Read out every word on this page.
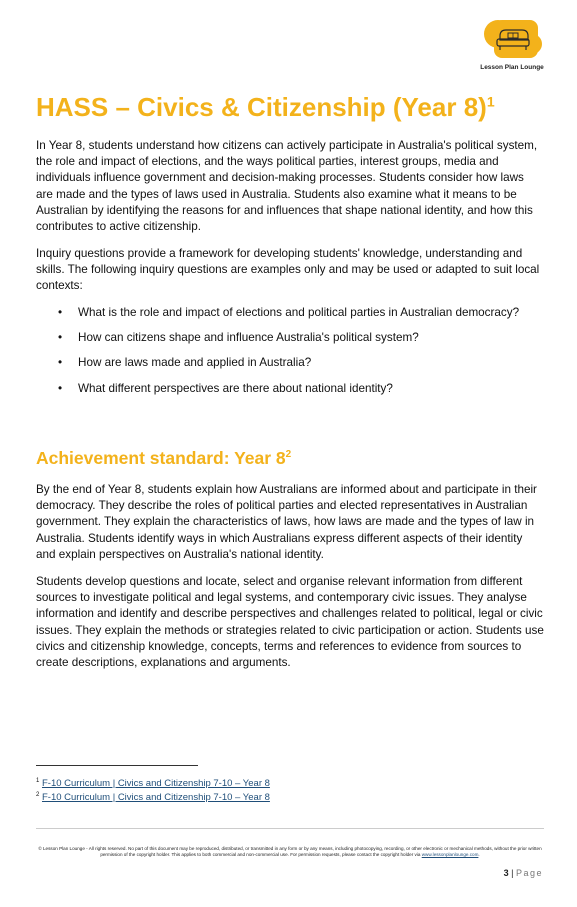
Lesson Plan Lounge
HASS – Civics & Citizenship (Year 8)$^1$

In Year 8, students understand how citizens can actively participate in Australia's political system, the role and impact of elections, and the ways political parties, interest groups, media and individuals influence government and decision-making processes. Students consider how laws are made and the types of laws used in Australia. Students also examine what it means to be Australian by identifying the reasons for and influences that shape national identity, and how this contributes to active citizenship.

Inquiry questions provide a framework for developing students' knowledge, understanding and skills. The following inquiry questions are examples only and may be used or adapted to suit local contexts:

• What is the role and impact of elections and political parties in Australian democracy?
• How can citizens shape and influence Australia's political system?
• How are laws made and applied in Australia?
• What different perspectives are there about national identity?
Achievement standard: Year $8^2$

By the end of Year 8, students explain how Australians are informed about and participate in their democracy. They describe the roles of political parties and elected representatives in Australian government. They explain the characteristics of laws, how laws are made and the types of law in Australia. Students identify ways in which Australians express different aspects of their identity and explain perspectives on Australia's national identity.

Students develop questions and locate, select and organise relevant information from different sources to investigate political and legal systems, and contemporary civic issues. They analyse information and identify and describe perspectives and challenges related to political, legal or civic issues. They explain the methods or strategies related to civic participation or action. Students use civics and citizenship knowledge, concepts, terms and references to evidence from sources to create descriptions, explanations and arguments.

$^1$ F-10 Curriculum | Civics and Citizenship 7-10 – Year 8
$^2$ F-10 Curriculum | Civics and Citizenship 7-10 – Year 8
© Lesson Plan Lounge - All rights reserved. No part of this document may be reproduced, distributed, or transmitted in any form or by any means, including photocopying, recording, or other electronic or mechanical methods, without the prior written permission of the copyright holder. This applies to both commercial and non-commercial use. For permission requests, please contact the copyright holder via www.lessonplanlounge.com.
3 | Page
